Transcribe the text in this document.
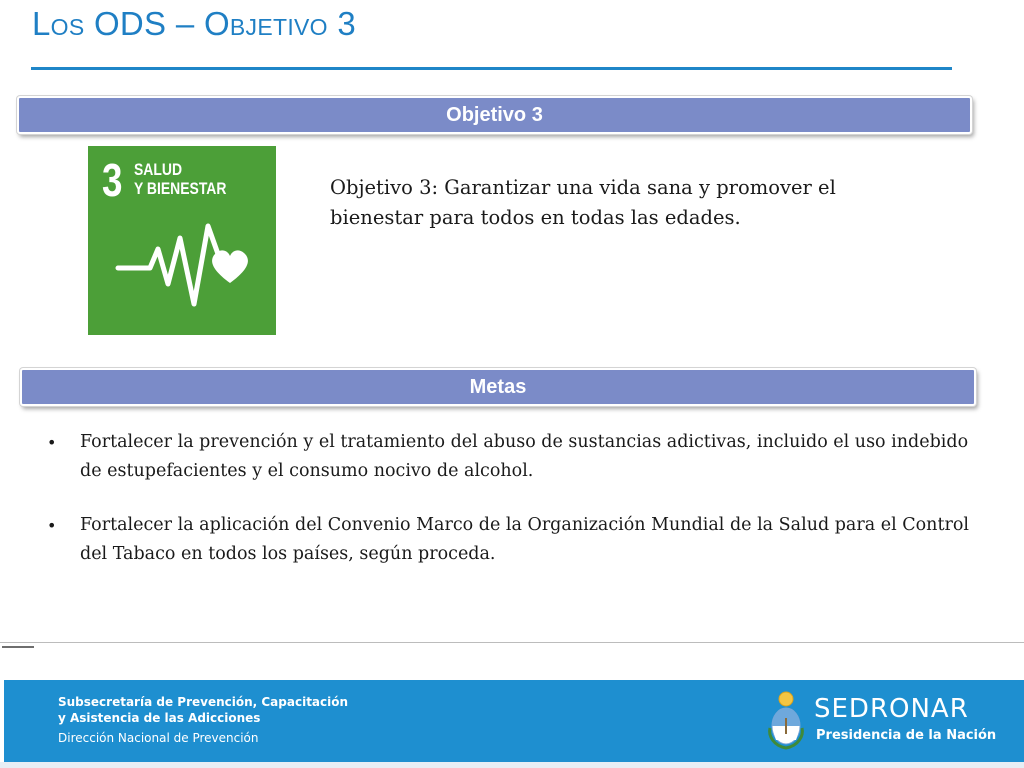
Los ODS – Objetivo 3
Objetivo 3
3 SALUD
Y BIENESTAR	Objetivo 3: Garantizar una vida sana y promover el bienestar para todos en todas las edades.

Metas
• Fortalecer la prevención y el tratamiento del abuso de sustancias adictivas, incluido el uso indebido de estupefacientes y el consumo nocivo de alcohol.
• Fortalecer la aplicación del Convenio Marco de la Organización Mundial de la Salud para el Control del Tabaco en todos los países, según proceda.

Subsecretaría de Prevención, Capacitación

y Asistencia de las Adicciones

Dirección Nacional de Prevención

SEDRONAR

Presidencia de la Nación
